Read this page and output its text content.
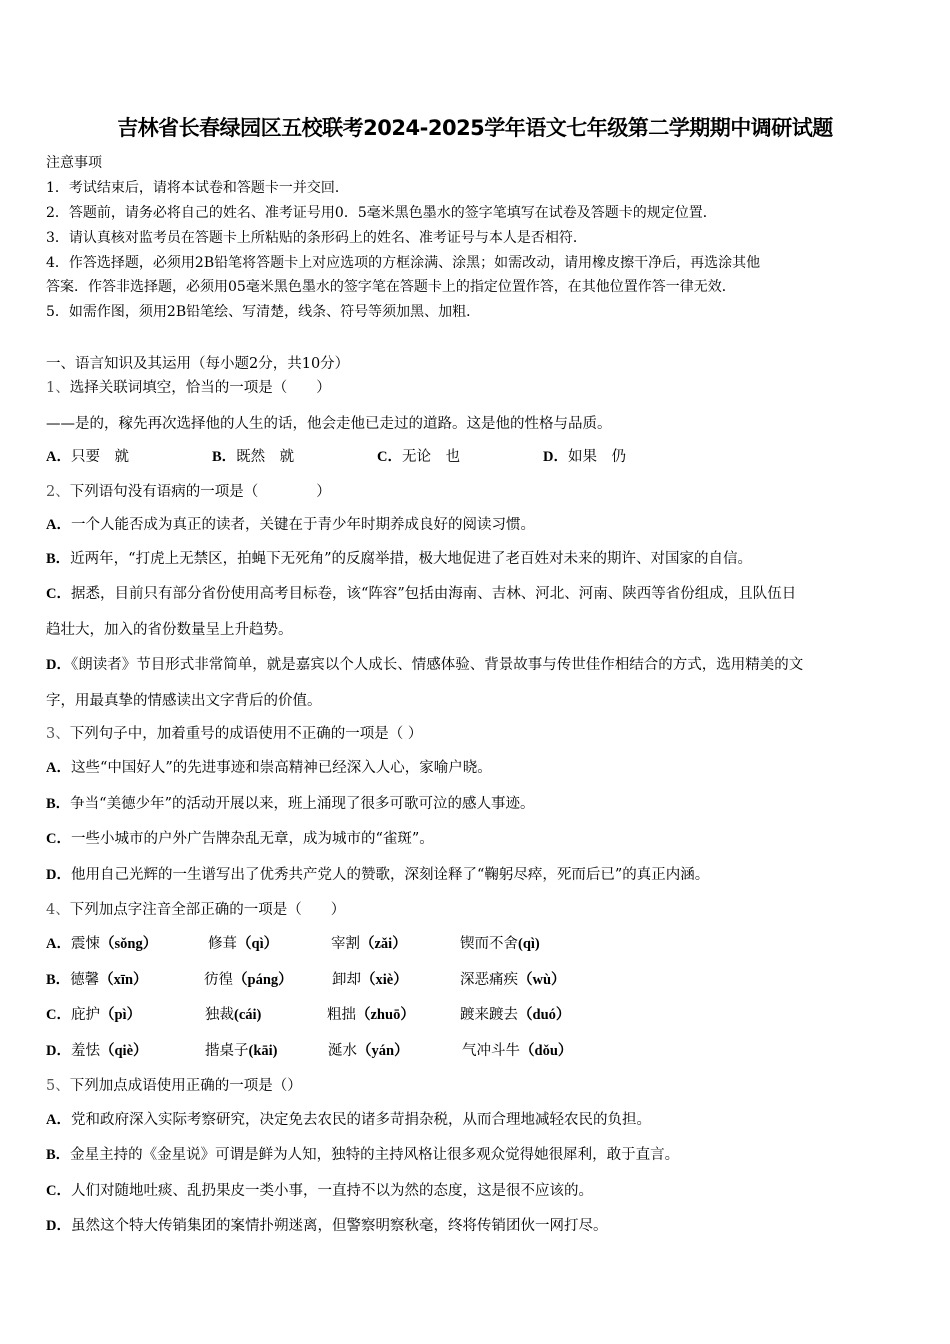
吉林省长春绿园区五校联考2024-2025学年语文七年级第二学期期中调研试题
注意事项
1．考试结束后，请将本试卷和答题卡一并交回．
2．答题前，请务必将自己的姓名、准考证号用0．5毫米黑色墨水的签字笔填写在试卷及答题卡的规定位置．
3．请认真核对监考员在答题卡上所粘贴的条形码上的姓名、准考证号与本人是否相符．
4．作答选择题，必须用2B铅笔将答题卡上对应选项的方框涂满、涂黑；如需改动，请用橡皮擦干净后，再选涂其他
答案．作答非选择题，必须用05毫米黑色墨水的签字笔在答题卡上的指定位置作答，在其他位置作答一律无效．
5．如需作图，须用2B铅笔绘、写清楚，线条、符号等须加黑、加粗．
一、语言知识及其运用（每小题2分，共10分）
1、选择关联词填空，恰当的一项是（　　）
——是的，稼先再次选择他的人生的话，他会走他已走过的道路。这是他的性格与品质。
A．只要　就	B．既然　就	C．无论　也	D．如果　仍
2、下列语句没有语病的一项是（　　　　）
A．一个人能否成为真正的读者，关键在于青少年时期养成良好的阅读习惯。
B．近两年，“打虎上无禁区，拍蝇下无死角”的反腐举措，极大地促进了老百姓对未来的期许、对国家的自信。
C．据悉，目前只有部分省份使用高考目标卷，该“阵容”包括由海南、吉林、河北、河南、陕西等省份组成，且队伍日
趋壮大，加入的省份数量呈上升趋势。
D．《朗读者》节目形式非常简单，就是嘉宾以个人成长、情感体验、背景故事与传世佳作相结合的方式，选用精美的文
字，用最真挚的情感读出文字背后的价值。
3、下列句子中，加着重号的成语使用不正确的一项是（ ）
A．这些“中国好人”的先进事迹和崇高精神已经深入人心，家喻户晓。
B．争当“美德少年”的活动开展以来，班上涌现了很多可歌可泣的感人事迹。
C．一些小城市的户外广告牌杂乱无章，成为城市的“雀斑”。
D．他用自己光辉的一生谱写出了优秀共产党人的赞歌，深刻诠释了“鞠躬尽瘁，死而后已”的真正内涵。
4、下列加点字注音全部正确的一项是（　　）
A．震悚（sǒng）	修葺（qì）	宰割（zǎi）	锲而不舍(qì)
B．德馨（xīn）	彷徨（páng）	卸却（xiè）	深恶痛疾（wù）
C．庇护（pì）	独裁(cái)	粗拙（zhuō）	踱来踱去（duó）
D．羞怯（qiè）	揩桌子(kāi)	涎水（yán）	气冲斗牛（dǒu）
5、下列加点成语使用正确的一项是（）
A．党和政府深入实际考察研究，决定免去农民的诸多苛捐杂税，从而合理地减轻农民的负担。
B．金星主持的《金星说》可谓是鲜为人知，独特的主持风格让很多观众觉得她很犀利，敢于直言。
C．人们对随地吐痰、乱扔果皮一类小事，一直持不以为然的态度，这是很不应该的。
D．虽然这个特大传销集团的案情扑朔迷离，但警察明察秋毫，终将传销团伙一网打尽。
